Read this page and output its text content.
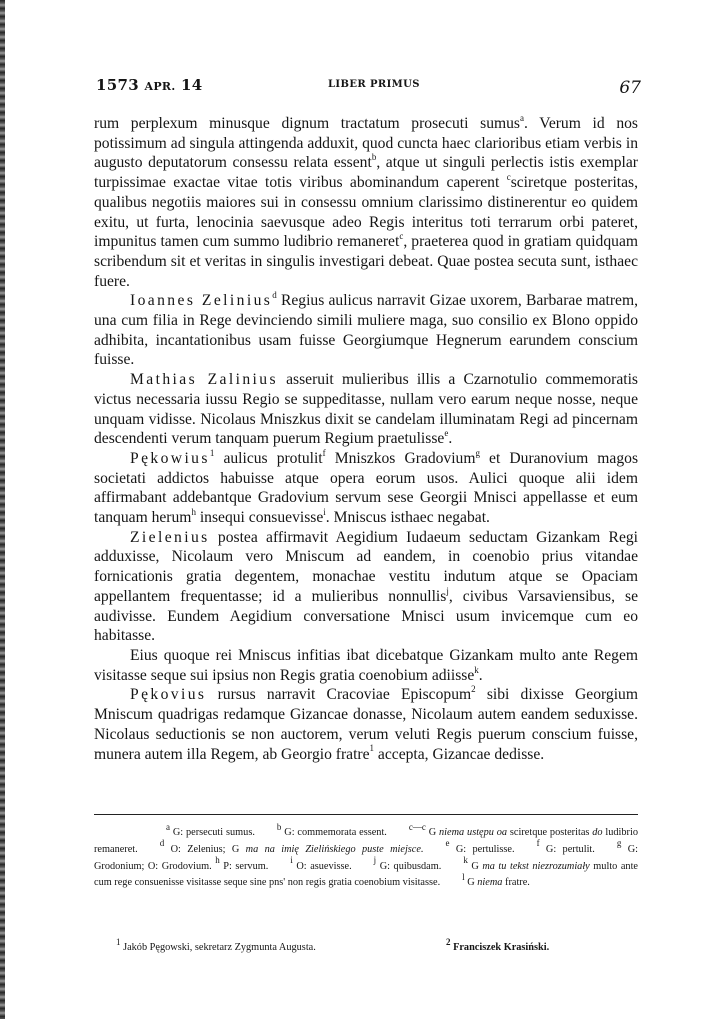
1573 APR. 14	LIBER PRIMUS	67

rum perplexum minusque dignum tractatum prosecuti sumus$^a$. Verum id nos potissimum ad singula attingenda adduxit, quod cuncta haec clarioribus etiam verbis in augusto deputatorum consessu relata essent$^b$, atque ut singuli perlectis istis exemplar turpissimae exactae vitae totis viribus abominandum caperent $^c$sciretque posteritas, qualibus negotiis maiores sui in consessu omnium clarissimo distinerentur eo quidem exitu, ut furta, lenocinia saevusque adeo Regis interitus toti terrarum orbi pateret, impunitus tamen cum summo ludibrio remaneret$^c$, praeterea quod in gratiam quidquam scribendum sit et veritas in singulis investigari debeat. Quae postea secuta sunt, isthaec fuere.

Ioannes Zelinius$^d$ Regius aulicus narravit Gizae uxorem, Barbarae matrem, una cum filia in Rege devinciendo simili muliere maga, suo consilio ex Blono oppido adhibita, incantationibus usam fuisse Georgiumque Hegnerum earundem conscium fuisse.

Mathias Zalinius asseruit mulieribus illis a Czarnotulio commemoratis victus necessaria iussu Regio se suppeditasse, nullam vero earum neque nosse, neque unquam vidisse. Nicolaus Mniszkus dixit se candelam illuminatam Regi ad pincernam descendenti verum tanquam puerum Regium praetulisse$^e$.

Pękowius$^1$ aulicus protulit$^f$ Mniszkos Gradovium$^g$ et Duranovium magos societati addictos habuisse atque opera eorum usos. Aulici quoque alii idem affirmabant addebantque Gradovium servum sese Georgii Mnisci appellasse et eum tanquam herum$^h$ insequi consuevisse$^i$. Mniscus isthaec negabat.

Zielenius postea affirmavit Aegidium Iudaeum seductam Gizankam Regi adduxisse, Nicolaum vero Mniscum ad eandem, in coenobio prius vitandae fornicationis gratia degentem, monachae vestitu indutum atque se Opaciam appellantem frequentasse; id a mulieribus nonnullis$^j$, civibus Varsaviensibus, se audivisse. Eundem Aegidium conversatione Mnisci usum invicemque cum eo habitasse.

Eius quoque rei Mniscus infitias ibat dicebatque Gizankam multo ante Regem visitasse seque sui ipsius non Regis gratia coenobium adiisse$^k$.

Pękovius rursus narravit Cracoviae Episcopum$^2$ sibi dixisse Georgium Mniscum quadrigas redamque Gizancae donasse, Nicolaum autem eandem seduxisse. Nicolaus seductionis se non auctorem, verum veluti Regis puerum conscium fuisse, munera autem illa Regem, ab Georgio fratre$^1$ accepta, Gizancae dedisse.

$^a$ G: persecuti sumus.$^b$ G: commemorata essent.$^{c—c}$ G niema ustępu oa sciretque posteritas do ludibrio remaneret.$^d$ O: Zelenius; G ma na imię Zielińskiego puste miejsce.$^e$ G: pertulisse.$^f$ G: pertulit.$^g$ G: Grodonium; O: Grodovium. $^h$ P: servum.$^i$ O: asuevisse.$^j$ G: quibusdam.$^k$ G ma tu tekst niezrozumiały multo ante cum rege consuenisse visitasse seque sine pns' non regis gratia coenobium visitasse.$^l$ G niema fratre.

$^1$ Jakób Pęgowski, sekretarz Zygmunta Augusta.
$^2$ Franciszek Krasiński.
